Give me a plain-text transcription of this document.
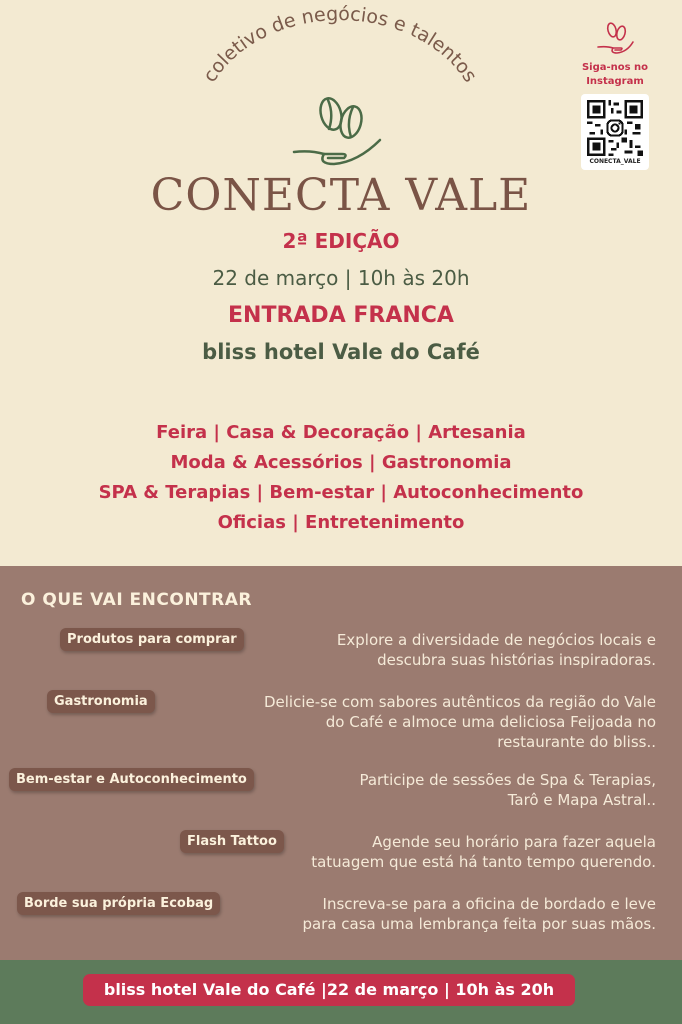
coletivo de negócios e talentos
CONECTA VALE
2ª EDIÇÃO
22 de março | 10h às 20h
ENTRADA FRANCA
bliss hotel Vale do Café
Feira | Casa & Decoração | Artesania
Moda & Acessórios | Gastronomia
SPA & Terapias | Bem-estar | Autoconhecimento
Oficias | Entretenimento
Siga-nos no
Instagram
CONECTA_VALE
O QUE VAI ENCONTRAR
Produtos para comprar	Explore a diversidade de negócios locais e
descubra suas histórias inspiradoras.
Gastronomia	Delicie-se com sabores autênticos da região do Vale
do Café e almoce uma deliciosa Feijoada no
restaurante do bliss..
Bem-estar e Autoconhecimento	Participe de sessões de Spa & Terapias,
Tarô e Mapa Astral..
Flash Tattoo	Agende seu horário para fazer aquela
tatuagem que está há tanto tempo querendo.
Borde sua própria Ecobag	Inscreva-se para a oficina de bordado e leve
para casa uma lembrança feita por suas mãos.
bliss hotel Vale do Café |22 de março | 10h às 20h
